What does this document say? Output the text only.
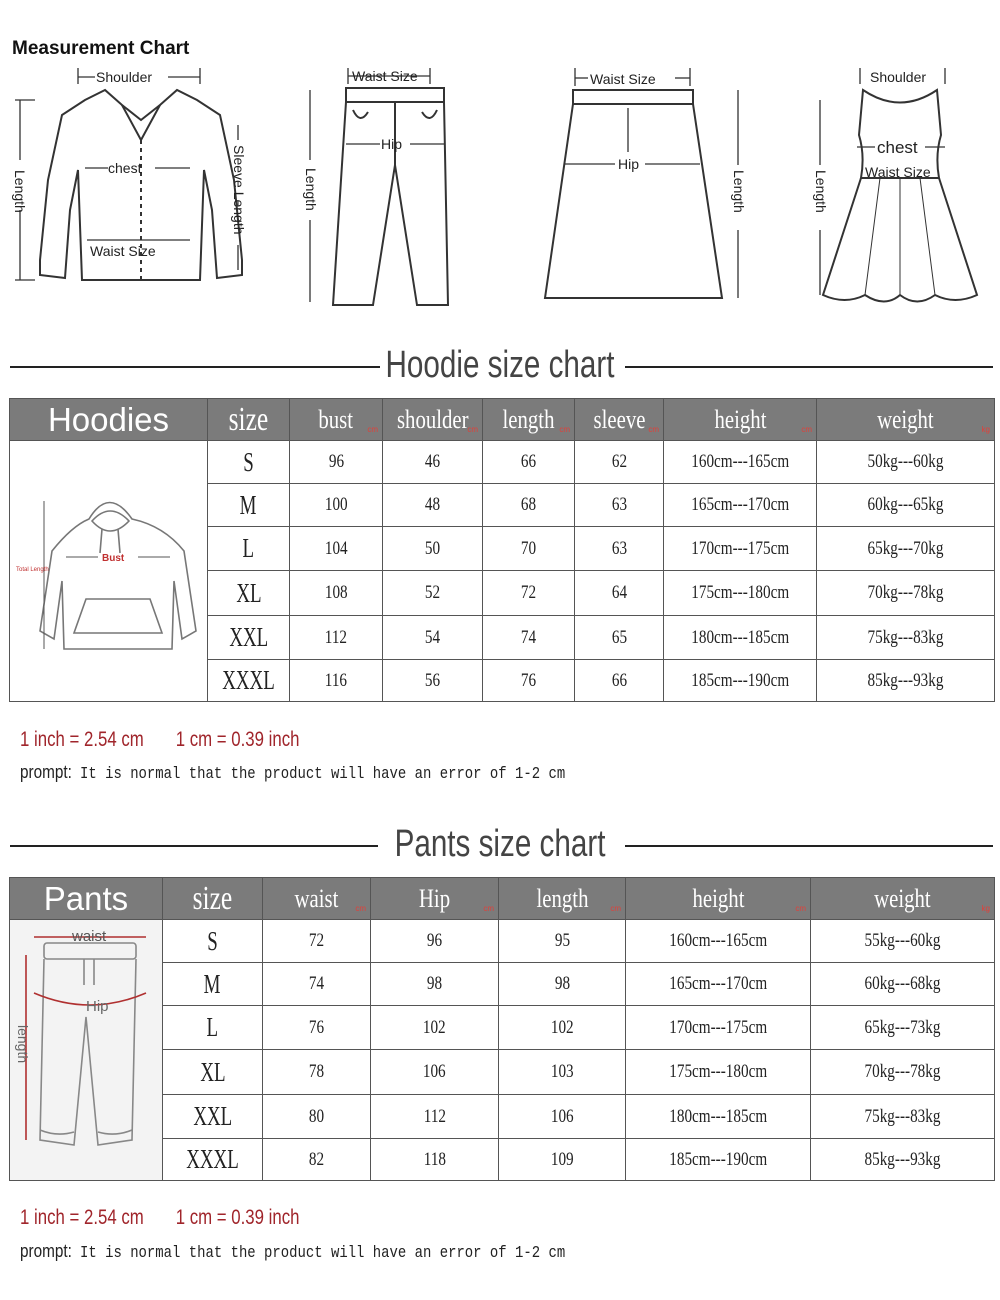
Measurement Chart
Shoulder
chest
Waist Size
Length	Sleeve Length
Waist Size
Hip
Length
Waist Size
Hip
Length
Shoulder
chest
Waist Size
Length
Hoodie size chart
Hoodies	size	bust cm	shoulder cm	length cm	sleeve cm	height cm	weight kg

Bust
Total Length	S	96	46	66	62	160cm---165cm	50kg---60kg
	M	100	48	68	63	165cm---170cm	60kg---65kg
	L	104	50	70	63	170cm---175cm	65kg---70kg
	XL	108	52	72	64	175cm---180cm	70kg---78kg
	XXL	112	54	74	65	180cm---185cm	75kg---83kg
	XXXL	116	56	76	66	185cm---190cm	85kg---93kg
1 inch = 2.54 cm 1 cm = 0.39 inch
prompt: It is normal that the product will have an error of 1-2 cm
Pants size chart
Pants	size	waist cm	Hip cm	length cm	height cm	weight kg

waist
Hip
length	S	72	96	95	160cm---165cm	55kg---60kg
	M	74	98	98	165cm---170cm	60kg---68kg
	L	76	102	102	170cm---175cm	65kg---73kg
	XL	78	106	103	175cm---180cm	70kg---78kg
	XXL	80	112	106	180cm---185cm	75kg---83kg
	XXXL	82	118	109	185cm---190cm	85kg---93kg
1 inch = 2.54 cm 1 cm = 0.39 inch
prompt: It is normal that the product will have an error of 1-2 cm
